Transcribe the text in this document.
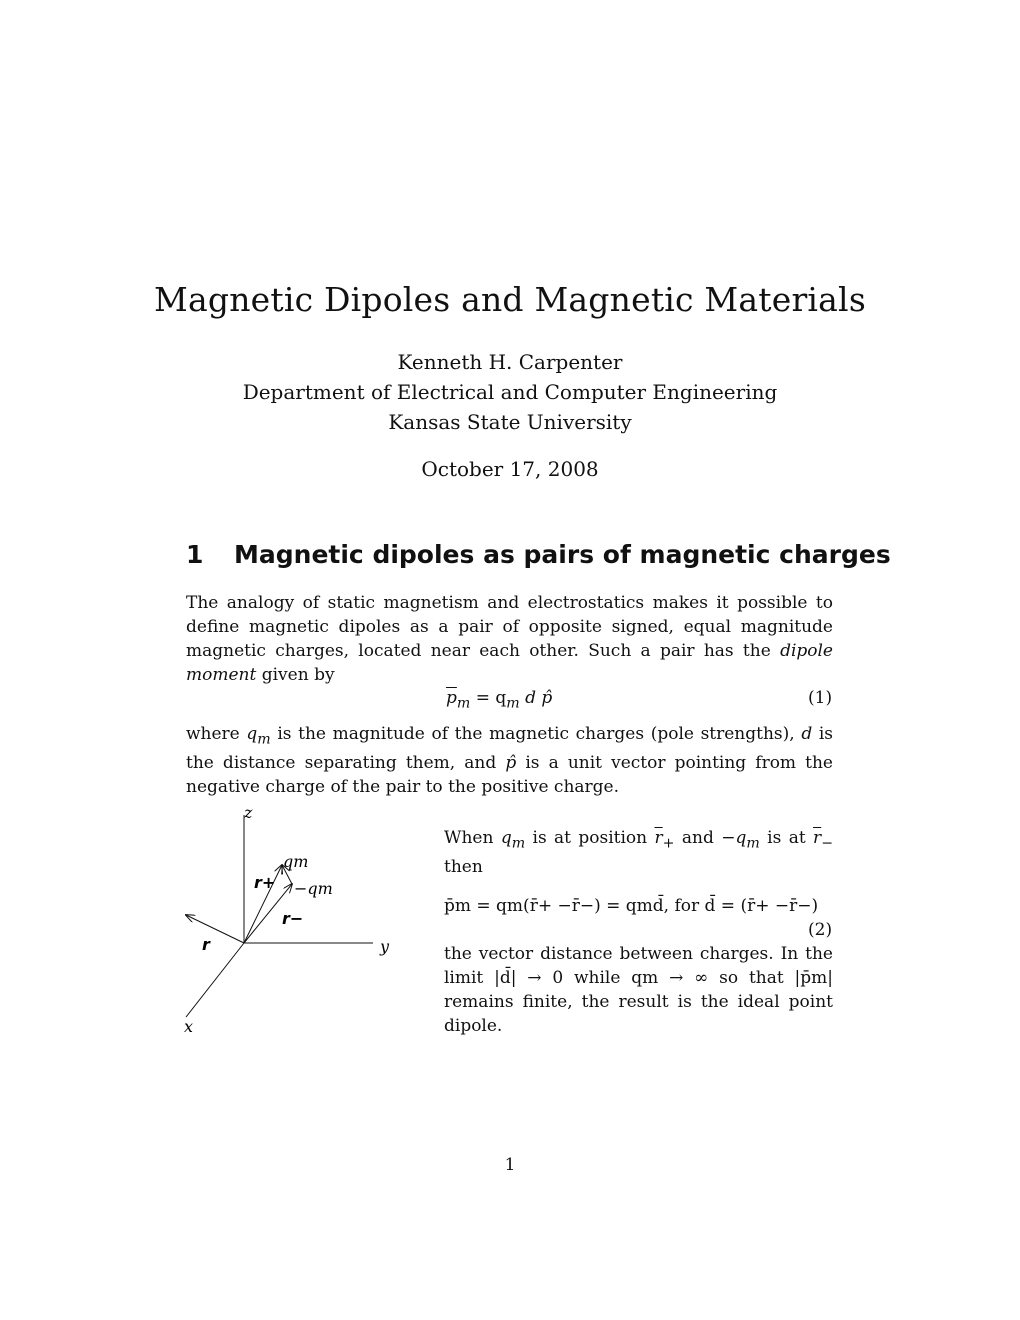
Magnetic Dipoles and Magnetic Materials
Kenneth H. Carpenter
Department of Electrical and Computer Engineering
Kansas State University
October 17, 2008
1 Magnetic dipoles as pairs of magnetic charges
The analogy of static magnetism and electrostatics makes it possible to define magnetic dipoles as a pair of opposite signed, equal magnitude magnetic charges, located near each other. Such a pair has the dipole moment given by
$\overline{p}_m = q_m$ d p̂	(1)
where $q_m$ is the magnitude of the magnetic charges (pole strengths), d is the distance separating them, and p̂ is a unit vector pointing from the negative charge of the pair to the positive charge.
z
y
x
r
r+
r−
qm
−qm
When $q_m$ is at position $\overline{r}_+$ and $-q_m$ is at $\overline{r}_-$ then
p̄m = qm(r̄+ −r̄−) = qmd̄, for d̄ = (r̄+ −r̄−)
(2)
the vector distance between charges. In the limit |d̄| → 0 while qm → ∞ so that |p̄m| remains finite, the result is the ideal point dipole.
1
